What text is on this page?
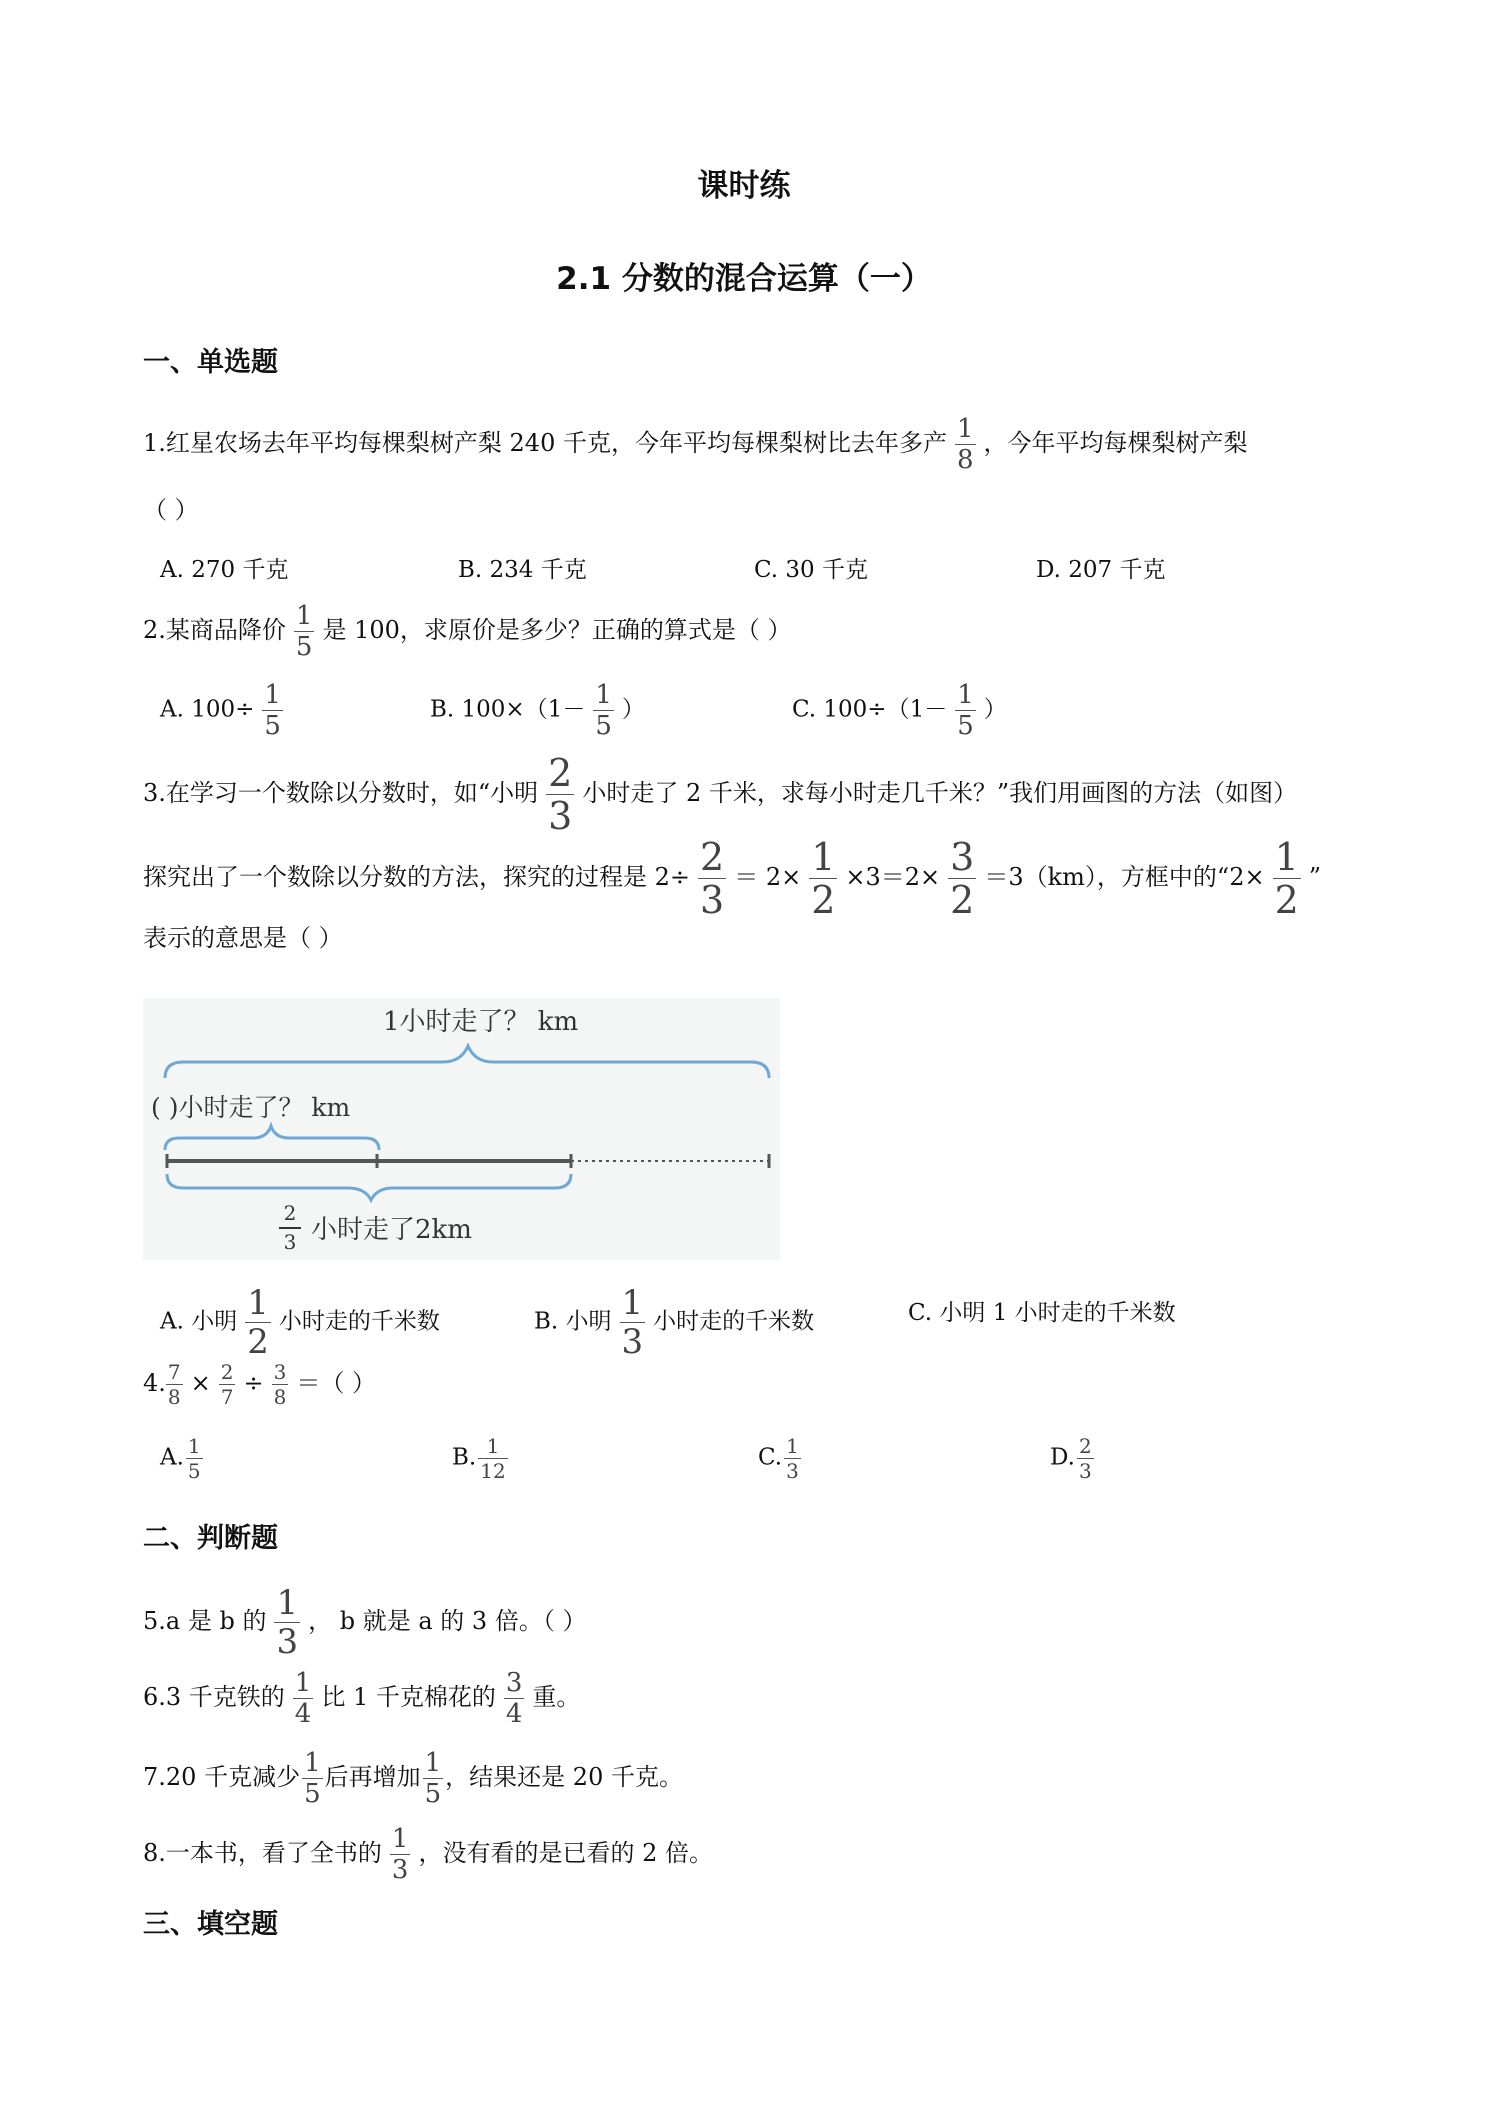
课时练
2.1 分数的混合运算（一）
一、单选题
1.红星农场去年平均每棵梨树产梨 240 千克，今年平均每棵梨树比去年多产 $\frac{1}{8}$ ，今年平均每棵梨树产梨
（ ）
A. 270 千克	B. 234 千克	C. 30 千克	D. 207 千克
2.某商品降价 $\frac{1}{5}$ 是 100，求原价是多少？正确的算式是（ ）
A. $100\div \frac{1}{5}$	B. $100\times(1- \frac{1}{5}$ ）	C. $100\div(1- \frac{1}{5}$ ）
3.在学习一个数除以分数时，如“小明 $\frac{2}{3}$ 小时走了 2 千米，求每小时走几千米？”我们用画图的方法（如图）
探究出了一个数除以分数的方法，探究的过程是 $2\div \frac{2}{3} = 2\times \frac{1}{2} \times 3=2\times \frac{3}{2} =3(km)$，方框中的“$2\times \frac{1}{2}$ ”
表示的意思是（ ）
1小时走了？ km
( )小时走了？ km
2
3 小时走了2km
A. 小明 $\frac{1}{2}$ 小时走的千米数	B. 小明 $\frac{1}{3}$ 小时走的千米数	C. 小明 1 小时走的千米数
4. $\frac{7}{8} \times \frac{2}{7} \div \frac{3}{8}$ ＝（ ）
A. $\frac{1}{5}$	B. $\frac{1}{12}$	C. $\frac{1}{3}$	D. $\frac{2}{3}$
二、判断题
5.a 是 b 的 $\frac{1}{3}$ ， b 就是 a 的 3 倍。（ ）
6.3 千克铁的 $\frac{1}{4}$ 比 1 千克棉花的 $\frac{3}{4}$ 重。
7.20 千克减少 $\frac{1}{5}$ 后再增加 $\frac{1}{5}$ ，结果还是 20 千克。
8.一本书，看了全书的 $\frac{1}{3}$ ，没有看的是已看的 2 倍。
三、填空题
